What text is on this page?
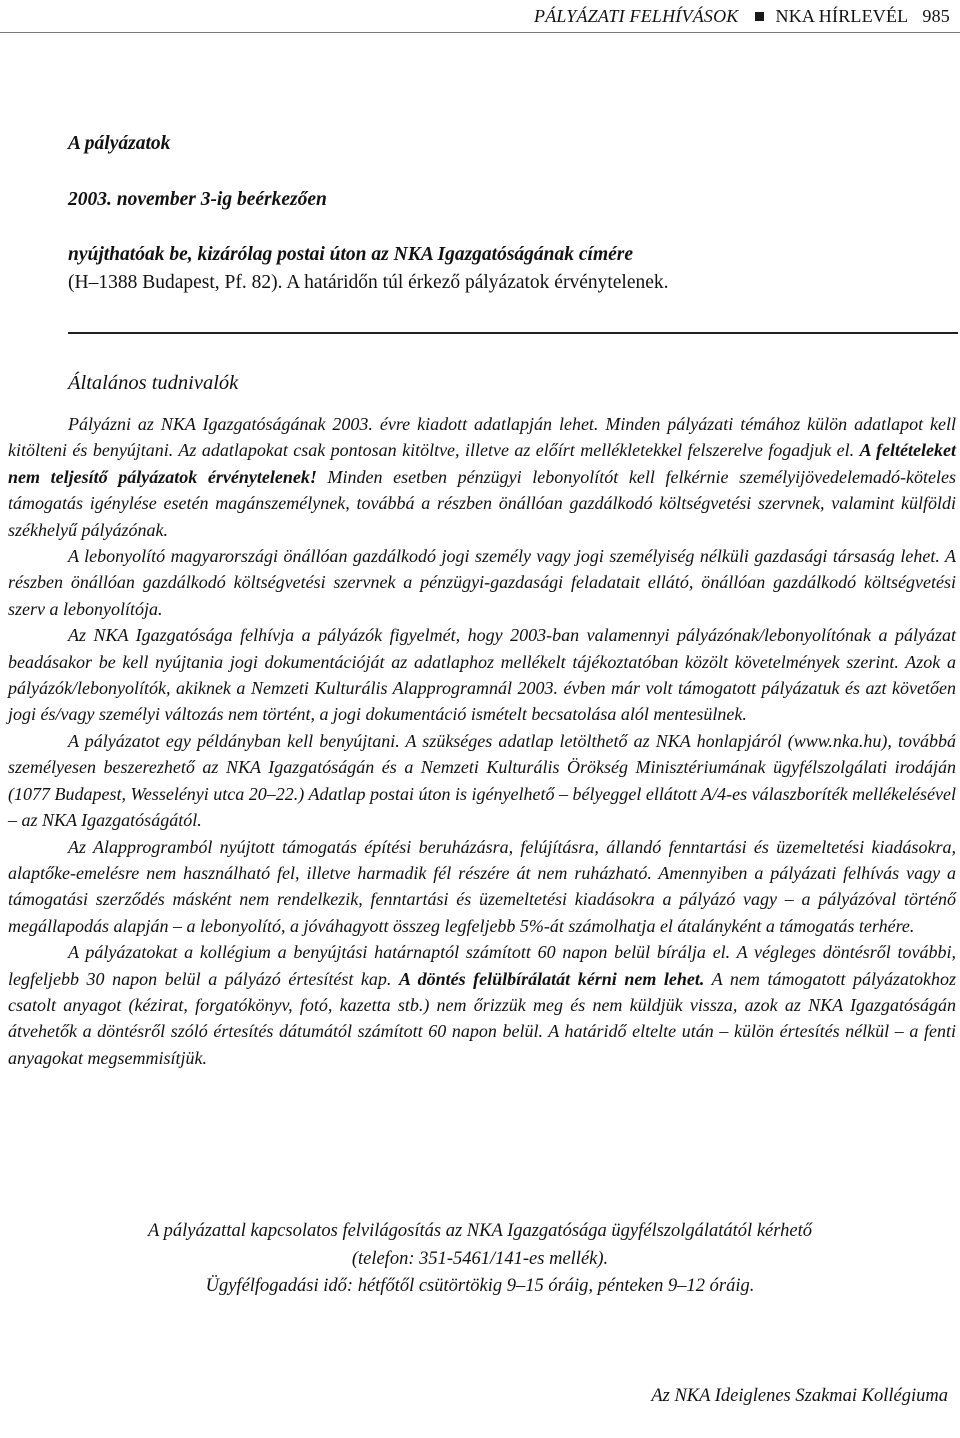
PÁLYÁZATI FELHÍVÁSOK NKA HÍRLEVÉL 985

A pályázatok

2003. november 3-ig beérkezően

nyújthatóak be, kizárólag postai úton az NKA Igazgatóságának címére

(H–1388 Budapest, Pf. 82). A határidőn túl érkező pályázatok érvénytelenek.

Általános tudnivalók

Pályázni az NKA Igazgatóságának 2003. évre kiadott adatlapján lehet. Minden pályázati témához külön adatlapot kell kitölteni és benyújtani. Az adatlapokat csak pontosan kitöltve, illetve az előírt mellékletekkel felszerelve fogadjuk el. A feltételeket nem teljesítő pályázatok érvénytelenek! Minden esetben pénzügyi lebonyolítót kell felkérnie személyijövedelemadó-köteles támogatás igénylése esetén magánszemélynek, továbbá a részben önállóan gazdálkodó költségvetési szervnek, valamint külföldi székhelyű pályázónak.

A lebonyolító magyarországi önállóan gazdálkodó jogi személy vagy jogi személyiség nélküli gazdasági társaság lehet. A részben önállóan gazdálkodó költségvetési szervnek a pénzügyi-gazdasági feladatait ellátó, önállóan gazdálkodó költségvetési szerv a lebonyolítója.

Az NKA Igazgatósága felhívja a pályázók figyelmét, hogy 2003-ban valamennyi pályázónak/lebonyolítónak a pályázat beadásakor be kell nyújtania jogi dokumentációját az adatlaphoz mellékelt tájékoztatóban közölt követelmények szerint. Azok a pályázók/lebonyolítók, akiknek a Nemzeti Kulturális Alapprogramnál 2003. évben már volt támogatott pályázatuk és azt követően jogi és/vagy személyi változás nem történt, a jogi dokumentáció ismételt becsatolása alól mentesülnek.

A pályázatot egy példányban kell benyújtani. A szükséges adatlap letölthető az NKA honlapjáról (www.nka.hu), továbbá személyesen beszerezhető az NKA Igazgatóságán és a Nemzeti Kulturális Örökség Minisztériumának ügyfélszolgálati irodáján (1077 Budapest, Wesselényi utca 20–22.) Adatlap postai úton is igényelhető – bélyeggel ellátott A/4-es válaszboríték mellékelésével – az NKA Igazgatóságától.

Az Alapprogramból nyújtott támogatás építési beruházásra, felújításra, állandó fenntartási és üzemeltetési kiadásokra, alaptőke-emelésre nem használható fel, illetve harmadik fél részére át nem ruházható. Amennyiben a pályázati felhívás vagy a támogatási szerződés másként nem rendelkezik, fenntartási és üzemeltetési kiadásokra a pályázó vagy – a pályázóval történő megállapodás alapján – a lebonyolító, a jóváhagyott összeg legfeljebb 5%-át számolhatja el átalányként a támogatás terhére.

A pályázatokat a kollégium a benyújtási határnaptól számított 60 napon belül bírálja el. A végleges döntésről további, legfeljebb 30 napon belül a pályázó értesítést kap. A döntés felülbírálatát kérni nem lehet. A nem támogatott pályázatokhoz csatolt anyagot (kézirat, forgatókönyv, fotó, kazetta stb.) nem őrizzük meg és nem küldjük vissza, azok az NKA Igazgatóságán átvehetők a döntésről szóló értesítés dátumától számított 60 napon belül. A határidő eltelte után – külön értesítés nélkül – a fenti anyagokat megsemmisítjük.

A pályázattal kapcsolatos felvilágosítás az NKA Igazgatósága ügyfélszolgálatától kérhető

(telefon: 351-5461/141-es mellék).

Ügyfélfogadási idő: hétfőtől csütörtökig 9–15 óráig, pénteken 9–12 óráig.

Az NKA Ideiglenes Szakmai Kollégiuma
